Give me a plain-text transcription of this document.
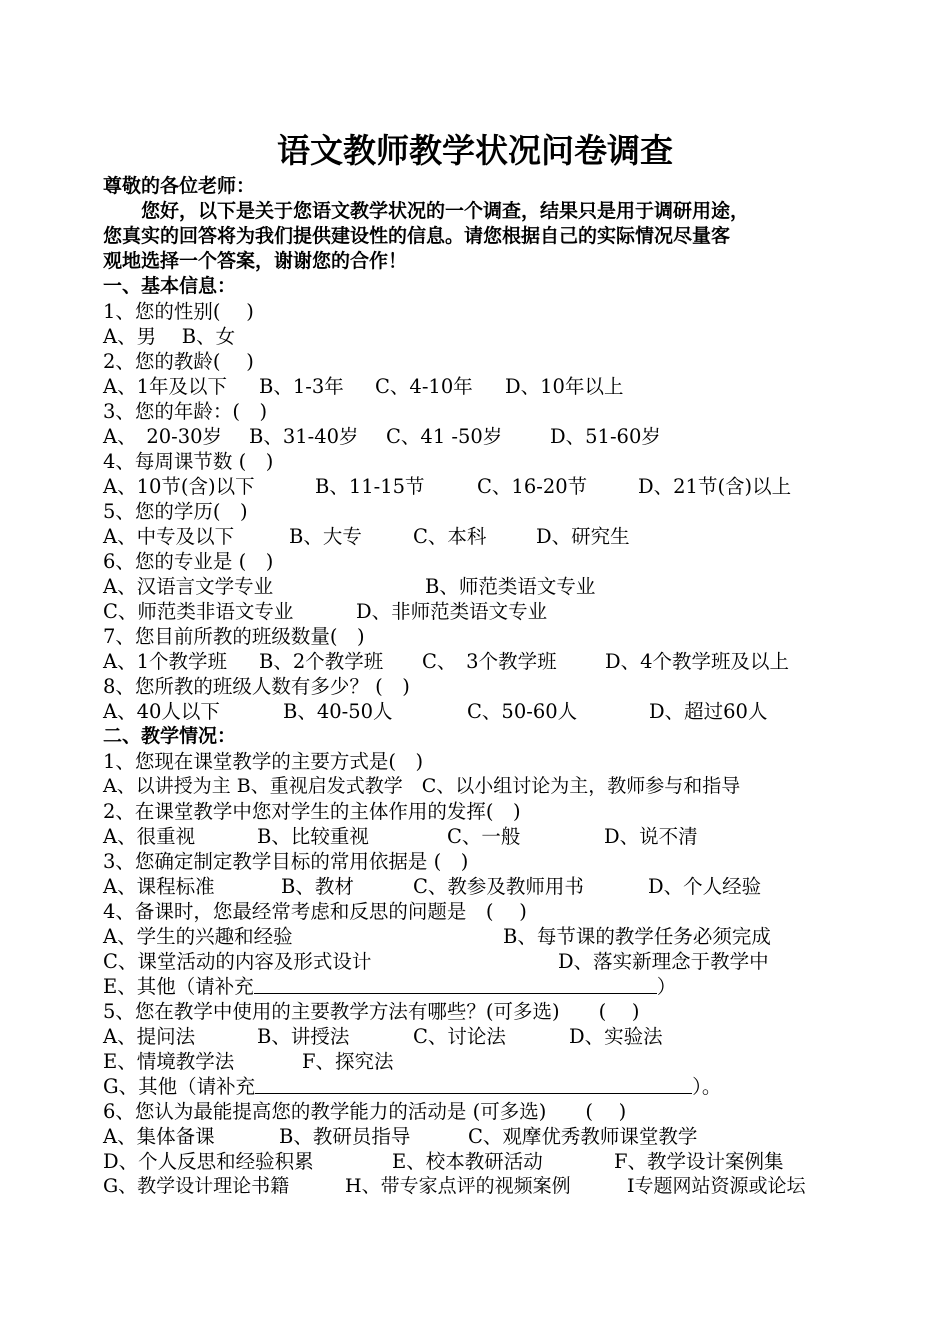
语文教师教学状况问卷调查
尊敬的各位老师：
　　您好，以下是关于您语文教学状况的一个调查，结果只是用于调研用途，
您真实的回答将为我们提供建设性的信息。请您根据自己的实际情况尽量客
观地选择一个答案，谢谢您的合作！
一、基本信息：
1、您的性别(　 )
A、男　 B、女
2、您的教龄(　 )

A、1年及以下

B、1-3年

C、4-10年

D、10年以上

3、您的年龄：(　)

A、　20-30岁

B、31-40岁

C、41 -50岁

D、51-60岁

4、每周课节数 (　)

A、10节(含)以下

	B、11-15节

	C、16-20节

	D、21节(含)以上

5、您的学历(　)

A、中专及以下

	B、大专

	C、本科

	D、研究生

6、您的专业是 (　)

A、汉语言文学专业

	B、师范类语文专业

C、师范类非语文专业

	D、非师范类语文专业

7、您目前所教的班级数量(　)

A、1个教学班

B、2个教学班

C、　3个教学班

D、4个教学班及以上

8、您所教的班级人数有多少？ (　)

A、40人以下

	B、40-50人

	C、50-60人

	D、超过60人

二、教学情况：
1、您现在课堂教学的主要方式是(　)
A、以讲授为主 B、重视启发式教学　C、以小组讨论为主，教师参与和指导
2、在课堂教学中您对学生的主体作用的发挥(　)

A、很重视

	B、比较重视

	C、一般

	D、说不清

3、您确定制定教学目标的常用依据是 (　)

A、课程标准

	B、教材

	C、教参及教师用书

	D、个人经验

4、备课时，您最经常考虑和反思的问题是　(　 )

A、学生的兴趣和经验

	B、每节课的教学任务必须完成

C、课堂活动的内容及形式设计

	D、落实新理念于教学中

E、其他（请补充	）
5、您在教学中使用的主要教学方法有哪些？(可多选)　　(　 )

A、提问法

	B、讲授法

	C、讨论法

	D、实验法

E、情境教学法

	F、探究法

G、其他（请补充	）。
6、您认为最能提高您的教学能力的活动是 (可多选)　　(　 )

A、集体备课

	B、教研员指导

	C、观摩优秀教师课堂教学

D、个人反思和经验积累

	E、校本教研活动

	F、教学设计案例集

G、教学设计理论书籍

	H、带专家点评的视频案例

	I专题网站资源或论坛
